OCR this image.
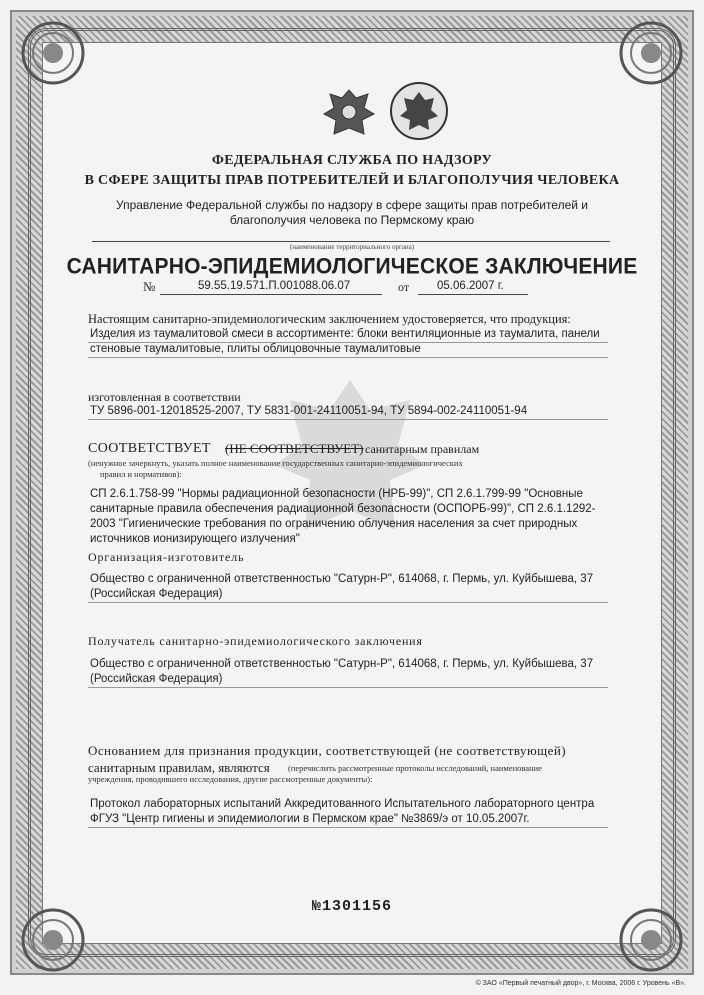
ФЕДЕРАЛЬНАЯ СЛУЖБА ПО НАДЗОРУ
В СФЕРЕ ЗАЩИТЫ ПРАВ ПОТРЕБИТЕЛЕЙ И БЛАГОПОЛУЧИЯ ЧЕЛОВЕКА
Управление Федеральной службы по надзору в сфере защиты прав потребителей и
благополучия человека по Пермскому краю
(наименование территориального органа)
САНИТАРНО-ЭПИДЕМИОЛОГИЧЕСКОЕ ЗАКЛЮЧЕНИЕ
№	59.55.19.571.П.001088.06.07	от 05.06.2007 г.
Настоящим санитарно-эпидемиологическим заключением удостоверяется, что продукция:
Изделия из таумалитовой смеси в ассортименте: блоки вентиляционные из таумалита, панели
стеновые таумалитовые, плиты облицовочные таумалитовые
изготовленная в соответствии
ТУ 5896-001-12018525-2007, ТУ 5831-001-24110051-94, ТУ 5894-002-24110051-94
СООТВЕТСТВУЕТ (НЕ СООТВЕТСТВУЕТ) санитарным правилам
(ненужное зачеркнуть, указать полное наименование государственных санитарно-эпидемиологических
правил и нормативов):
СП 2.6.1.758-99 "Нормы радиационной безопасности (НРБ-99)", СП 2.6.1.799-99 "Основные
санитарные правила обеспечения радиационной безопасности (ОСПОРБ-99)", СП 2.6.1.1292-
2003 "Гигиенические требования по ограничению облучения населения за счет природных
источников ионизирующего излучения"
Организация-изготовитель
Общество с ограниченной ответственностью "Сатурн-Р", 614068, г. Пермь, ул. Куйбышева, 37
(Российская Федерация)
Получатель санитарно-эпидемиологического заключения
Общество с ограниченной ответственностью "Сатурн-Р", 614068, г. Пермь, ул. Куйбышева, 37
(Российская Федерация)
Основанием для признания продукции, соответствующей (не соответствующей)
санитарным правилам, являются (перечислить рассмотренные протоколы исследований, наименование
учреждения, проводившего исследования, другие рассмотренные документы):
Протокол лабораторных испытаний Аккредитованного Испытательного лабораторного центра
ФГУЗ "Центр гигиены и эпидемиологии в Пермском крае" №3869/э от 10.05.2007г.
№1301156
© ЗАО «Первый печатный двор», г. Москва, 2006 г. Уровень «В».
